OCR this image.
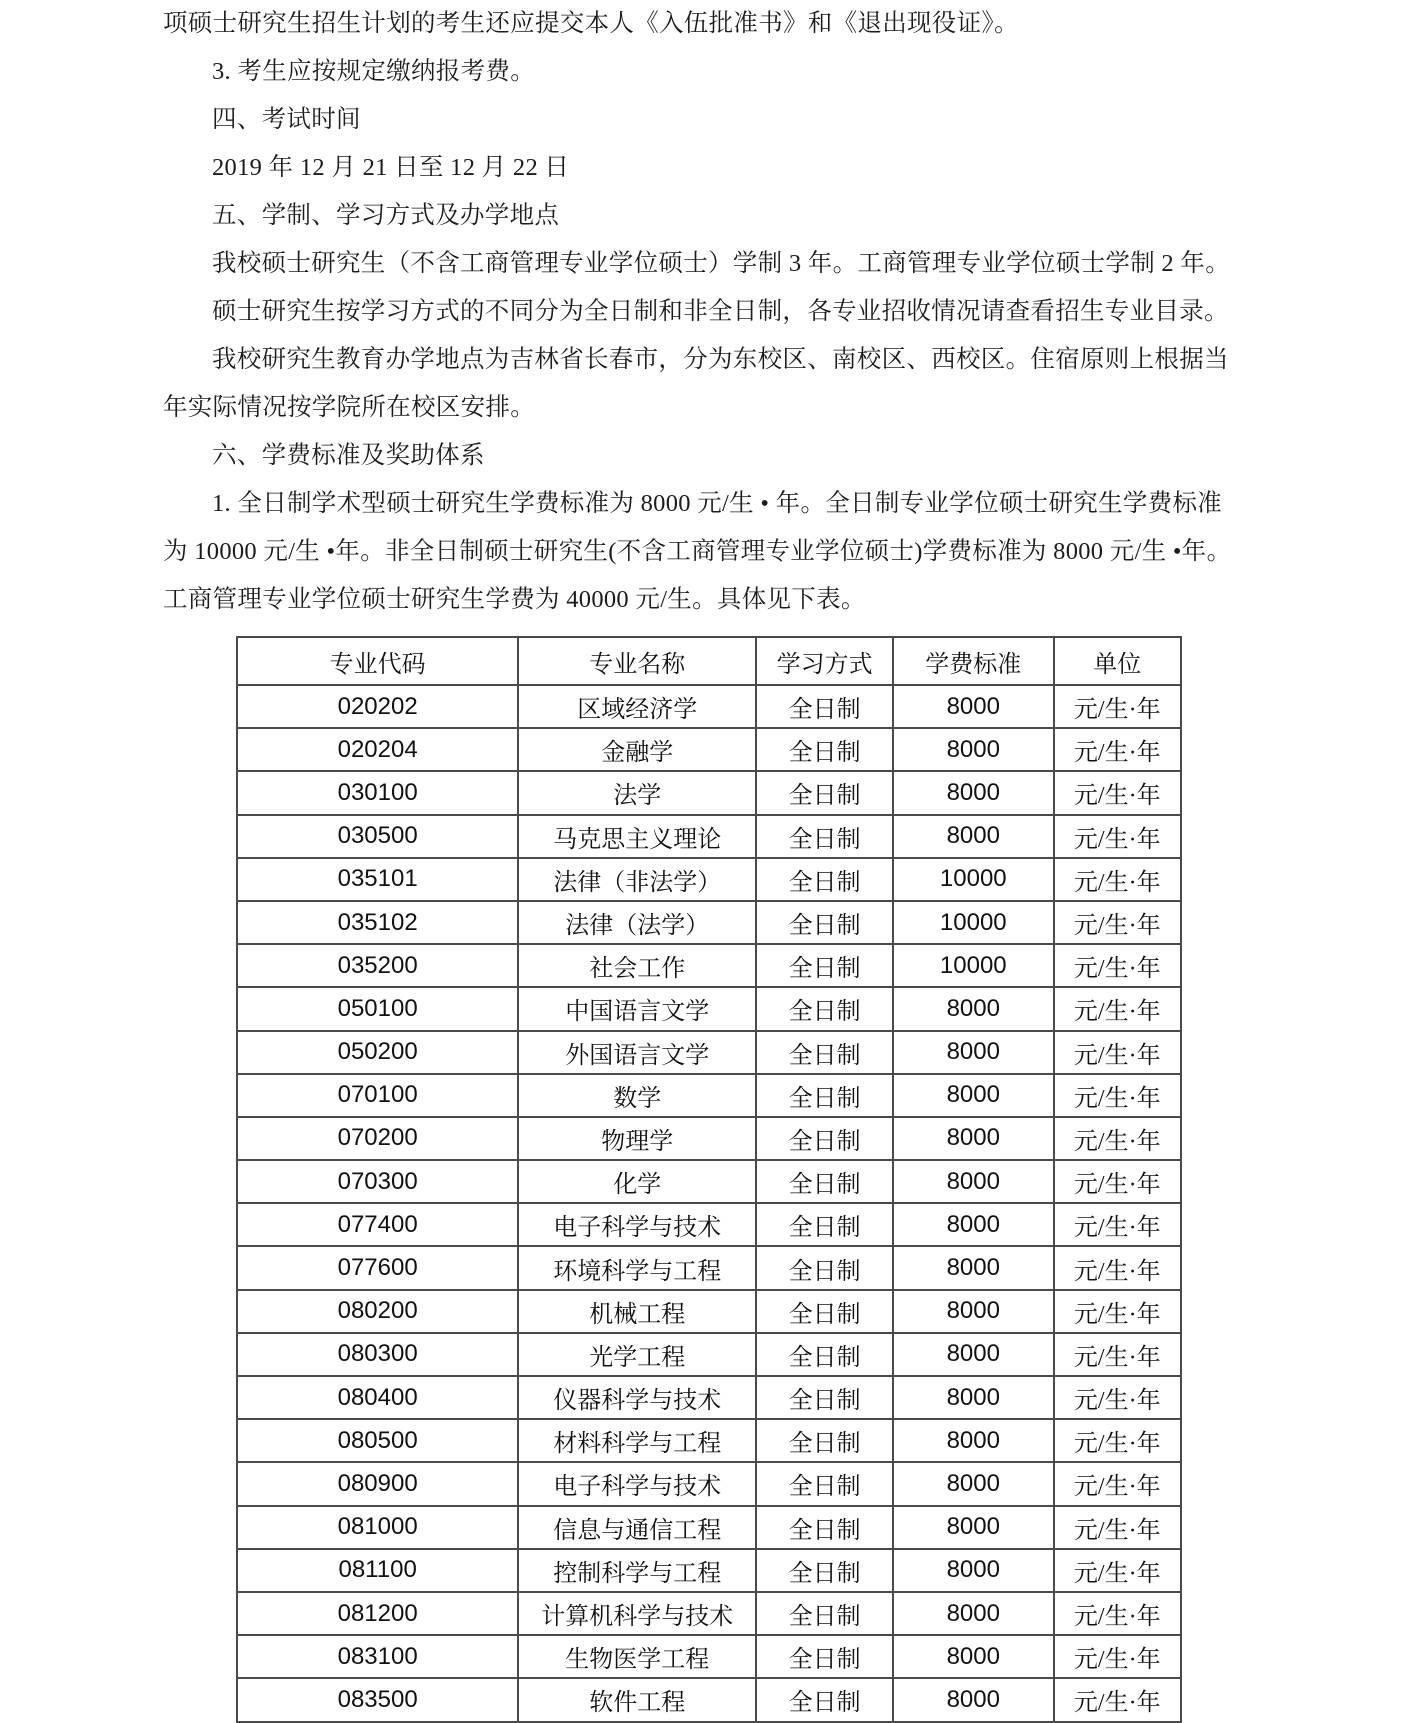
项硕士研究生招生计划的考生还应提交本人《入伍批准书》和《退出现役证》。
3. 考生应按规定缴纳报考费。
四、考试时间
2019 年 12 月 21 日至 12 月 22 日
五、学制、学习方式及办学地点
我校硕士研究生（不含工商管理专业学位硕士）学制 3 年。工商管理专业学位硕士学制 2 年。
硕士研究生按学习方式的不同分为全日制和非全日制，各专业招收情况请查看招生专业目录。
我校研究生教育办学地点为吉林省长春市，分为东校区、南校区、西校区。住宿原则上根据当
年实际情况按学院所在校区安排。
六、学费标准及奖助体系
1. 全日制学术型硕士研究生学费标准为 8000 元/生 • 年。全日制专业学位硕士研究生学费标准
为 10000 元/生 •年。非全日制硕士研究生(不含工商管理专业学位硕士)学费标准为 8000 元/生 •年。
工商管理专业学位硕士研究生学费为 40000 元/生。具体见下表。
专业代码	专业名称	学习方式	学费标准	单位
020202	区域经济学	全日制	8000	元/生·年
020204	金融学	全日制	8000	元/生·年
030100	法学	全日制	8000	元/生·年
030500	马克思主义理论	全日制	8000	元/生·年
035101	法律（非法学）	全日制	10000	元/生·年
035102	法律（法学）	全日制	10000	元/生·年
035200	社会工作	全日制	10000	元/生·年
050100	中国语言文学	全日制	8000	元/生·年
050200	外国语言文学	全日制	8000	元/生·年
070100	数学	全日制	8000	元/生·年
070200	物理学	全日制	8000	元/生·年
070300	化学	全日制	8000	元/生·年
077400	电子科学与技术	全日制	8000	元/生·年
077600	环境科学与工程	全日制	8000	元/生·年
080200	机械工程	全日制	8000	元/生·年
080300	光学工程	全日制	8000	元/生·年
080400	仪器科学与技术	全日制	8000	元/生·年
080500	材料科学与工程	全日制	8000	元/生·年
080900	电子科学与技术	全日制	8000	元/生·年
081000	信息与通信工程	全日制	8000	元/生·年
081100	控制科学与工程	全日制	8000	元/生·年
081200	计算机科学与技术	全日制	8000	元/生·年
083100	生物医学工程	全日制	8000	元/生·年
083500	软件工程	全日制	8000	元/生·年
